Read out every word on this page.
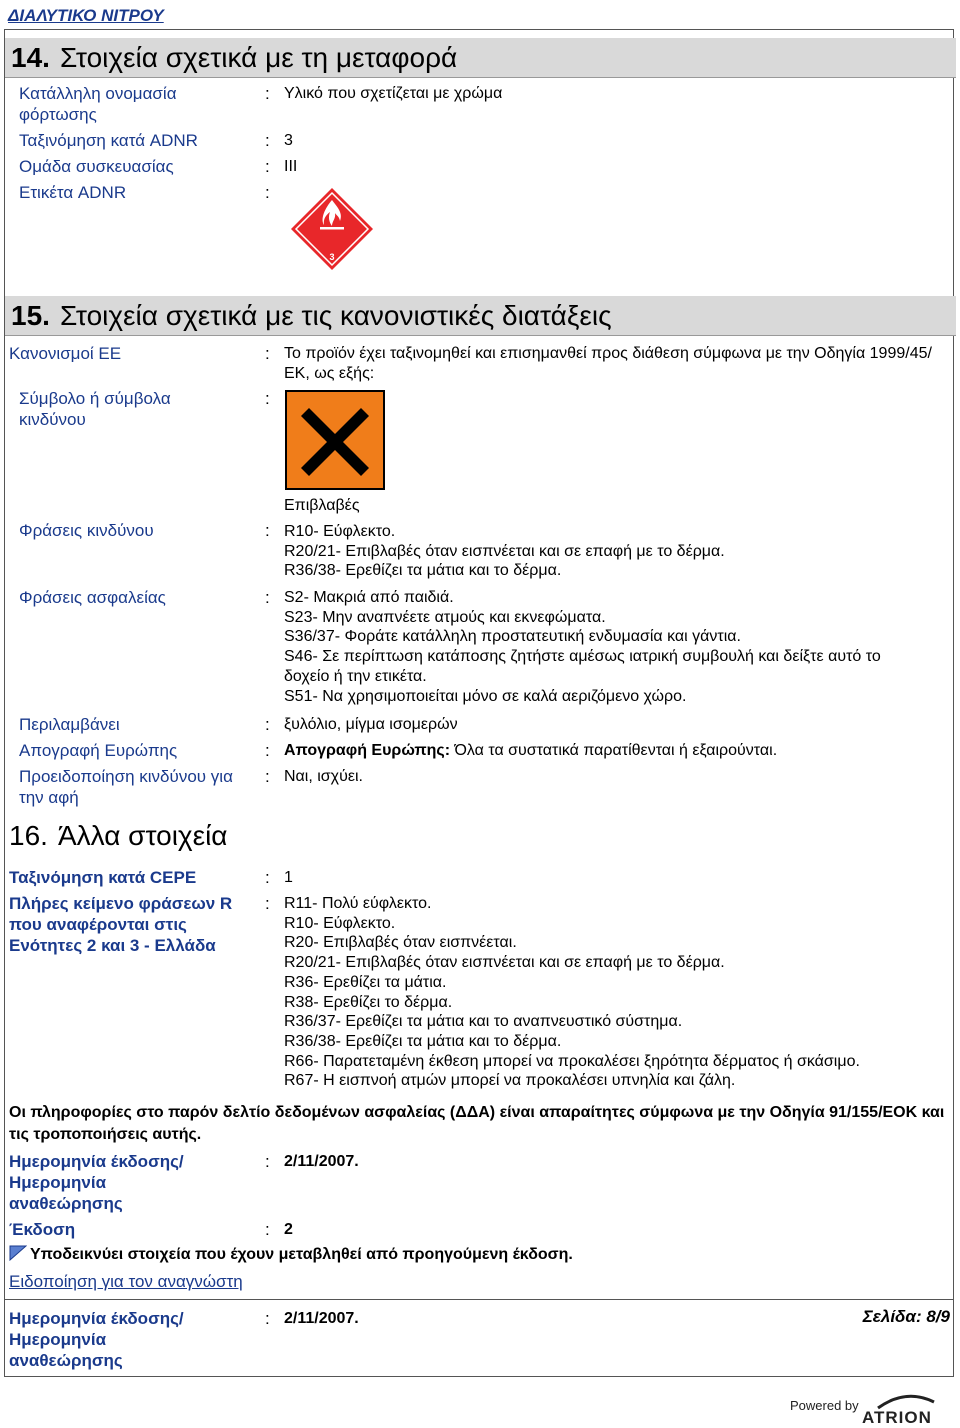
ΔΙΑΛΥΤΙΚΟ ΝΙΤΡΟΥ
14. Στοιχεία σχετικά με τη μεταφορά
Κατάλληλη ονομασία φόρτωσης
: Υλικό που σχετίζεται με χρώμα
Ταξινόμηση κατά ADNR	: 3
Ομάδα συσκευασίας	: III
Ετικέτα ADNR	:
3
15. Στοιχεία σχετικά με τις κανονιστικές διατάξεις
Κανονισμοί ΕΕ	: Το προϊόν έχει ταξινομηθεί και επισημανθεί προς διάθεση σύμφωνα με την Οδηγία 1999/45/ΕΚ, ως εξής:
Σύμβολο ή σύμβολα κινδύνου
:
Επιβλαβές
Φράσεις κινδύνου	: R10- Εύφλεκτο.
R20/21- Επιβλαβές όταν εισπνέεται και σε επαφή με το δέρμα.
R36/38- Ερεθίζει τα μάτια και το δέρμα.
Φράσεις ασφαλείας	: S2- Μακριά από παιδιά.
S23- Μην αναπνέετε ατμούς και εκνεφώματα.
S36/37- Φοράτε κατάλληλη προστατευτική ενδυμασία και γάντια.
S46- Σε περίπτωση κατάποσης ζητήστε αμέσως ιατρική συμβουλή και δείξτε αυτό το
δοχείο ή την ετικέτα.
S51- Να χρησιμοποιείται μόνο σε καλά αεριζόμενο χώρο.
Περιλαμβάνει	: ξυλόλιο, μίγμα ισομερών
Απογραφή Ευρώπης	: Απογραφή Ευρώπης: Όλα τα συστατικά παρατίθενται ή εξαιρούνται.
Προειδοποίηση κινδύνου για την αφή
: Ναι, ισχύει.
16. Άλλα στοιχεία
Ταξινόμηση κατά CEPE	: 1
Πλήρες κείμενο φράσεων R που αναφέρονται στις Ενότητες 2 και 3 - Ελλάδα
: R11- Πολύ εύφλεκτο.
R10- Εύφλεκτο.
R20- Επιβλαβές όταν εισπνέεται.
R20/21- Επιβλαβές όταν εισπνέεται και σε επαφή με το δέρμα.
R36- Ερεθίζει τα μάτια.
R38- Ερεθίζει το δέρμα.
R36/37- Ερεθίζει τα μάτια και το αναπνευστικό σύστημα.
R36/38- Ερεθίζει τα μάτια και το δέρμα.
R66- Παρατεταμένη έκθεση μπορεί να προκαλέσει ξηρότητα δέρματος ή σκάσιμο.
R67- Η εισπνοή ατμών μπορεί να προκαλέσει υπνηλία και ζάλη.
Οι πληροφορίες στο παρόν δελτίο δεδομένων ασφαλείας (ΔΔΑ) είναι απαραίτητες σύμφωνα με την Οδηγία 91/155/ΕΟΚ και τις τροποποιήσεις αυτής.
Ημερομηνία έκδοσης/Ημερομηνία αναθεώρησης
: 2/11/2007.
Έκδοση	: 2
Υποδεικνύει στοιχεία που έχουν μεταβληθεί από προηγούμενη έκδοση.
Ειδοποίηση για τον αναγνώστη
Ημερομηνία έκδοσης/Ημερομηνία αναθεώρησης
: 2/11/2007.	Σελίδα: 8/9
Powered by
ATRION
